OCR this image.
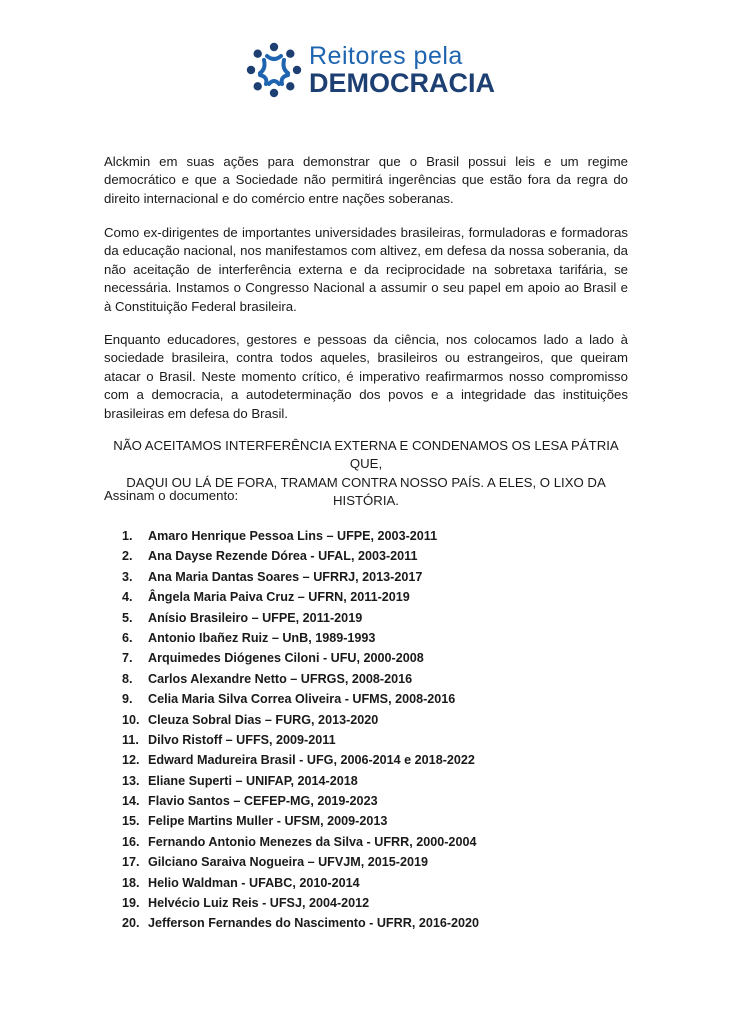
Reitores pela
DEMOCRACIA

Alckmin em suas ações para demonstrar que o Brasil possui leis e um regime democrático e que a Sociedade não permitirá ingerências que estão fora da regra do direito internacional e do comércio entre nações soberanas.

Como ex-dirigentes de importantes universidades brasileiras, formuladoras e formadoras da educação nacional, nos manifestamos com altivez, em defesa da nossa soberania, da não aceitação de interferência externa e da reciprocidade na sobretaxa tarifária, se necessária. Instamos o Congresso Nacional a assumir o seu papel em apoio ao Brasil e à Constituição Federal brasileira.

Enquanto educadores, gestores e pessoas da ciência, nos colocamos lado a lado à sociedade brasileira, contra todos aqueles, brasileiros ou estrangeiros, que queiram atacar o Brasil. Neste momento crítico, é imperativo reafirmarmos nosso compromisso com a democracia, a autodeterminação dos povos e a integridade das instituições brasileiras em defesa do Brasil.

NÃO ACEITAMOS INTERFERÊNCIA EXTERNA E CONDENAMOS OS LESA PÁTRIA QUE,
DAQUI OU LÁ DE FORA, TRAMAM CONTRA NOSSO PAÍS. A ELES, O LIXO DA HISTÓRIA.

Assinam o documento:

1.	Amaro Henrique Pessoa Lins – UFPE, 2003-2011
2.	Ana Dayse Rezende Dórea - UFAL, 2003-2011
3.	Ana Maria Dantas Soares – UFRRJ, 2013-2017
4.	Ângela Maria Paiva Cruz – UFRN, 2011-2019
5.	Anísio Brasileiro – UFPE, 2011-2019
6.	Antonio Ibañez Ruiz – UnB, 1989-1993
7.	Arquimedes Diógenes Ciloni - UFU, 2000-2008
8.	Carlos Alexandre Netto – UFRGS, 2008-2016
9.	Celia Maria Silva Correa Oliveira - UFMS, 2008-2016
10. Cleuza Sobral Dias – FURG, 2013-2020
11. Dilvo Ristoff – UFFS, 2009-2011
12. Edward Madureira Brasil - UFG, 2006-2014 e 2018-2022
13. Eliane Superti – UNIFAP, 2014-2018
14. Flavio Santos – CEFEP-MG, 2019-2023
15. Felipe Martins Muller - UFSM, 2009-2013
16. Fernando Antonio Menezes da Silva - UFRR, 2000-2004
17. Gilciano Saraiva Nogueira – UFVJM, 2015-2019
18. Helio Waldman - UFABC, 2010-2014
19. Helvécio Luiz Reis - UFSJ, 2004-2012
20. Jefferson Fernandes do Nascimento - UFRR, 2016-2020
